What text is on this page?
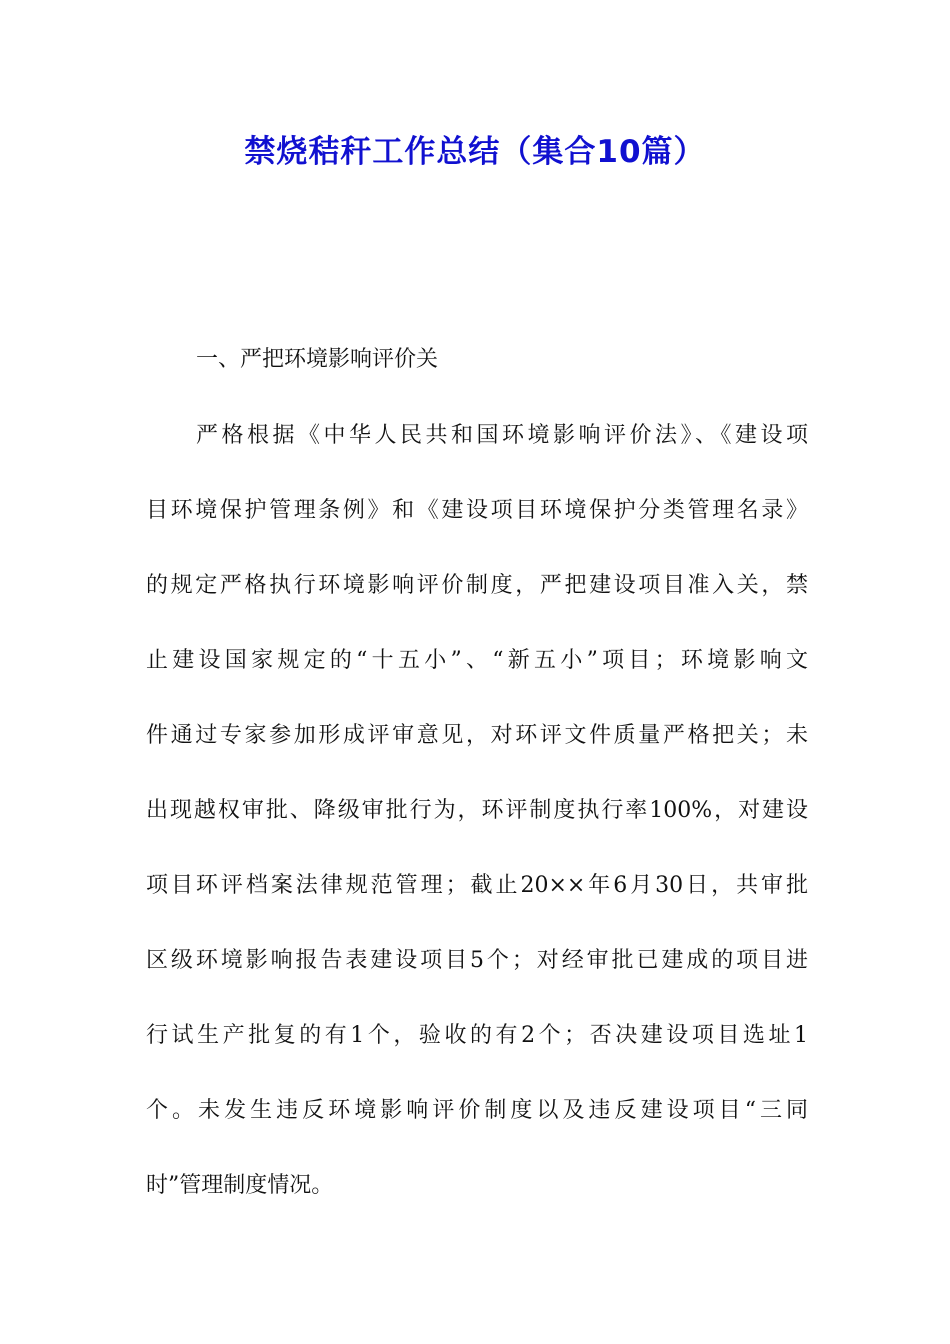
禁烧秸秆工作总结（集合10篇）

一、严把环境影响评价关

严格根据《中华人民共和国环境影响评价法》、《建设项
目环境保护管理条例》和《建设项目环境保护分类管理名录》
的规定严格执行环境影响评价制度，严把建设项目准入关，禁
止建设国家规定的“十五小”、“新五小”项目；环境影响文
件通过专家参加形成评审意见，对环评文件质量严格把关；未
出现越权审批、降级审批行为，环评制度执行率100%，对建设
项目环评档案法律规范管理；截止20××年6月30日，共审批
区级环境影响报告表建设项目5个；对经审批已建成的项目进
行试生产批复的有1个，验收的有2个；否决建设项目选址1
个。未发生违反环境影响评价制度以及违反建设项目“三同
时”管理制度情况。
